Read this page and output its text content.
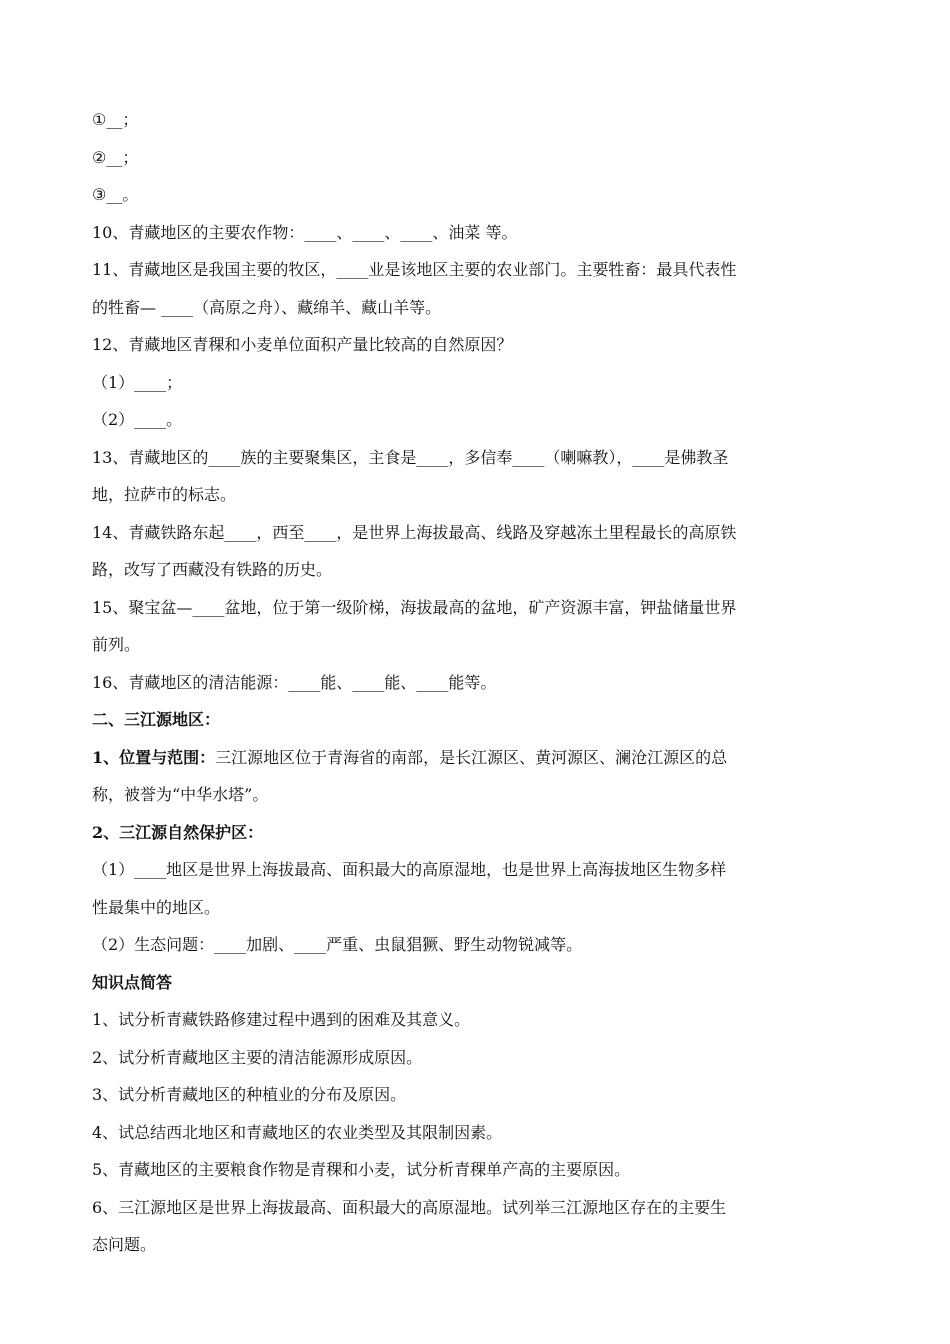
①__；
②__；
③__。
10、青藏地区的主要农作物：____、____、____、油菜 等。
11、青藏地区是我国主要的牧区，____业是该地区主要的农业部门。主要牲畜：最具代表性
的牲畜— ____（高原之舟）、藏绵羊、藏山羊等。
12、青藏地区青稞和小麦单位面积产量比较高的自然原因？
（1）____；
（2）____。
13、青藏地区的____族的主要聚集区，主食是____，多信奉____（喇嘛教），____是佛教圣
地，拉萨市的标志。
14、青藏铁路东起____，西至____，是世界上海拔最高、线路及穿越冻土里程最长的高原铁
路，改写了西藏没有铁路的历史。
15、聚宝盆—____盆地，位于第一级阶梯，海拔最高的盆地，矿产资源丰富，钾盐储量世界
前列。
16、青藏地区的清洁能源：____能、____能、____能等。
二、三江源地区：
1、位置与范围：三江源地区位于青海省的南部，是长江源区、黄河源区、澜沧江源区的总
称，被誉为“中华水塔”。
2、三江源自然保护区：
（1）____地区是世界上海拔最高、面积最大的高原湿地，也是世界上高海拔地区生物多样
性最集中的地区。
（2）生态问题：____加剧、____严重、虫鼠猖獗、野生动物锐减等。
知识点简答
1、试分析青藏铁路修建过程中遇到的困难及其意义。
2、试分析青藏地区主要的清洁能源形成原因。
3、试分析青藏地区的种植业的分布及原因。
4、试总结西北地区和青藏地区的农业类型及其限制因素。
5、青藏地区的主要粮食作物是青稞和小麦，试分析青稞单产高的主要原因。
6、三江源地区是世界上海拔最高、面积最大的高原湿地。试列举三江源地区存在的主要生
态问题。
